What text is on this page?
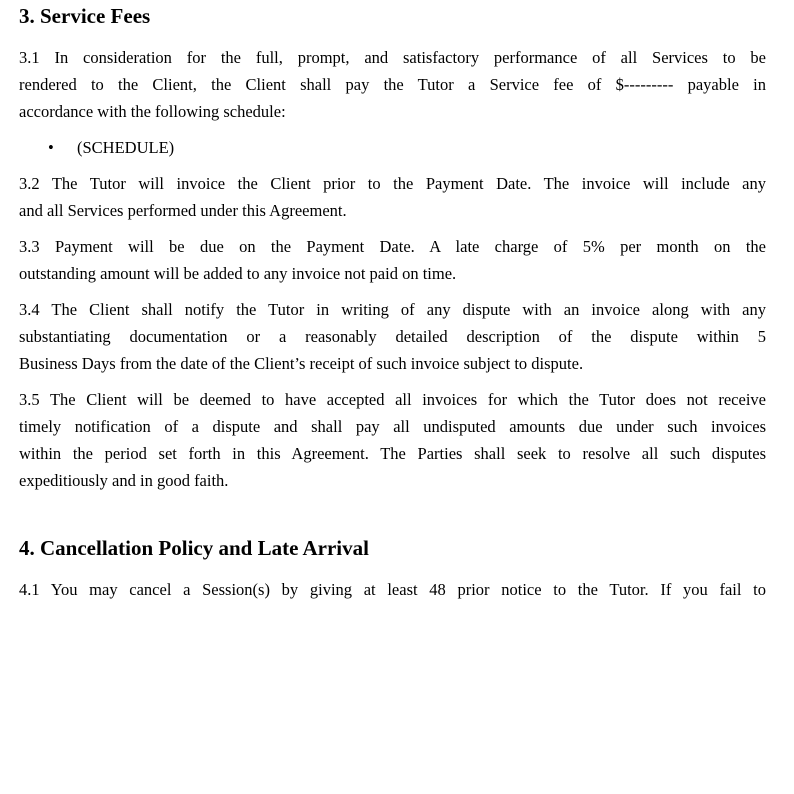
3. Service Fees
3.1 In consideration for the full, prompt, and satisfactory performance of all Services to be
rendered to the Client, the Client shall pay the Tutor a Service fee of $--------- payable in
accordance with the following schedule:
•	(SCHEDULE)
3.2 The Tutor will invoice the Client prior to the Payment Date. The invoice will include any
and all Services performed under this Agreement.
3.3 Payment will be due on the Payment Date. A late charge of 5% per month on the
outstanding amount will be added to any invoice not paid on time.
3.4 The Client shall notify the Tutor in writing of any dispute with an invoice along with any
substantiating documentation or a reasonably detailed description of the dispute within 5
Business Days from the date of the Client’s receipt of such invoice subject to dispute.
3.5 The Client will be deemed to have accepted all invoices for which the Tutor does not receive
timely notification of a dispute and shall pay all undisputed amounts due under such invoices
within the period set forth in this Agreement. The Parties shall seek to resolve all such disputes
expeditiously and in good faith.
4. Cancellation Policy and Late Arrival
4.1 You may cancel a Session(s) by giving at least 48 prior notice to the Tutor. If you fail to
